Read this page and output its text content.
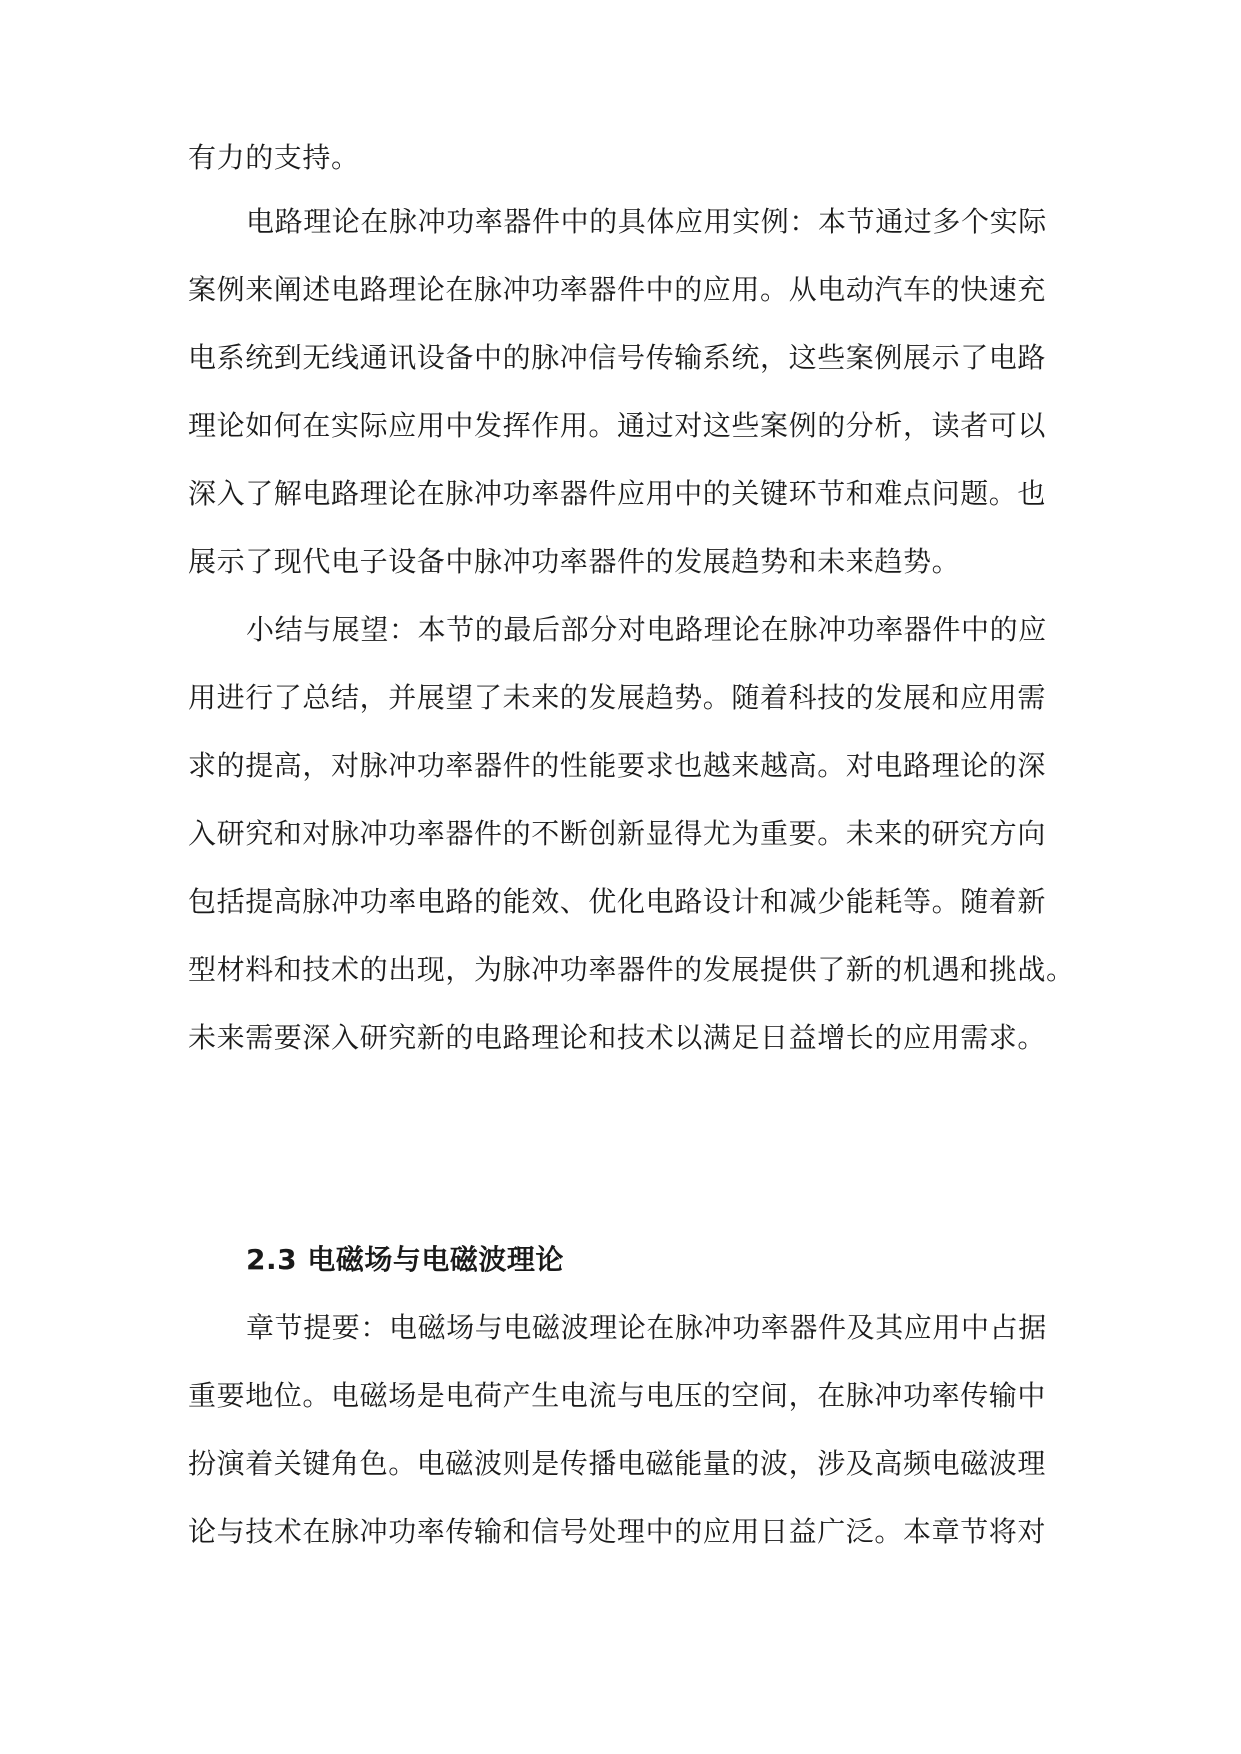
有力的支持。
电路理论在脉冲功率器件中的具体应用实例：本节通过多个实际
案例来阐述电路理论在脉冲功率器件中的应用。从电动汽车的快速充
电系统到无线通讯设备中的脉冲信号传输系统，这些案例展示了电路
理论如何在实际应用中发挥作用。通过对这些案例的分析，读者可以
深入了解电路理论在脉冲功率器件应用中的关键环节和难点问题。也
展示了现代电子设备中脉冲功率器件的发展趋势和未来趋势。
小结与展望：本节的最后部分对电路理论在脉冲功率器件中的应
用进行了总结，并展望了未来的发展趋势。随着科技的发展和应用需
求的提高，对脉冲功率器件的性能要求也越来越高。对电路理论的深
入研究和对脉冲功率器件的不断创新显得尤为重要。未来的研究方向
包括提高脉冲功率电路的能效、优化电路设计和减少能耗等。随着新
型材料和技术的出现，为脉冲功率器件的发展提供了新的机遇和挑战。
未来需要深入研究新的电路理论和技术以满足日益增长的应用需求。
2.3 电磁场与电磁波理论
章节提要：电磁场与电磁波理论在脉冲功率器件及其应用中占据
重要地位。电磁场是电荷产生电流与电压的空间，在脉冲功率传输中
扮演着关键角色。电磁波则是传播电磁能量的波，涉及高频电磁波理
论与技术在脉冲功率传输和信号处理中的应用日益广泛。本章节将对
